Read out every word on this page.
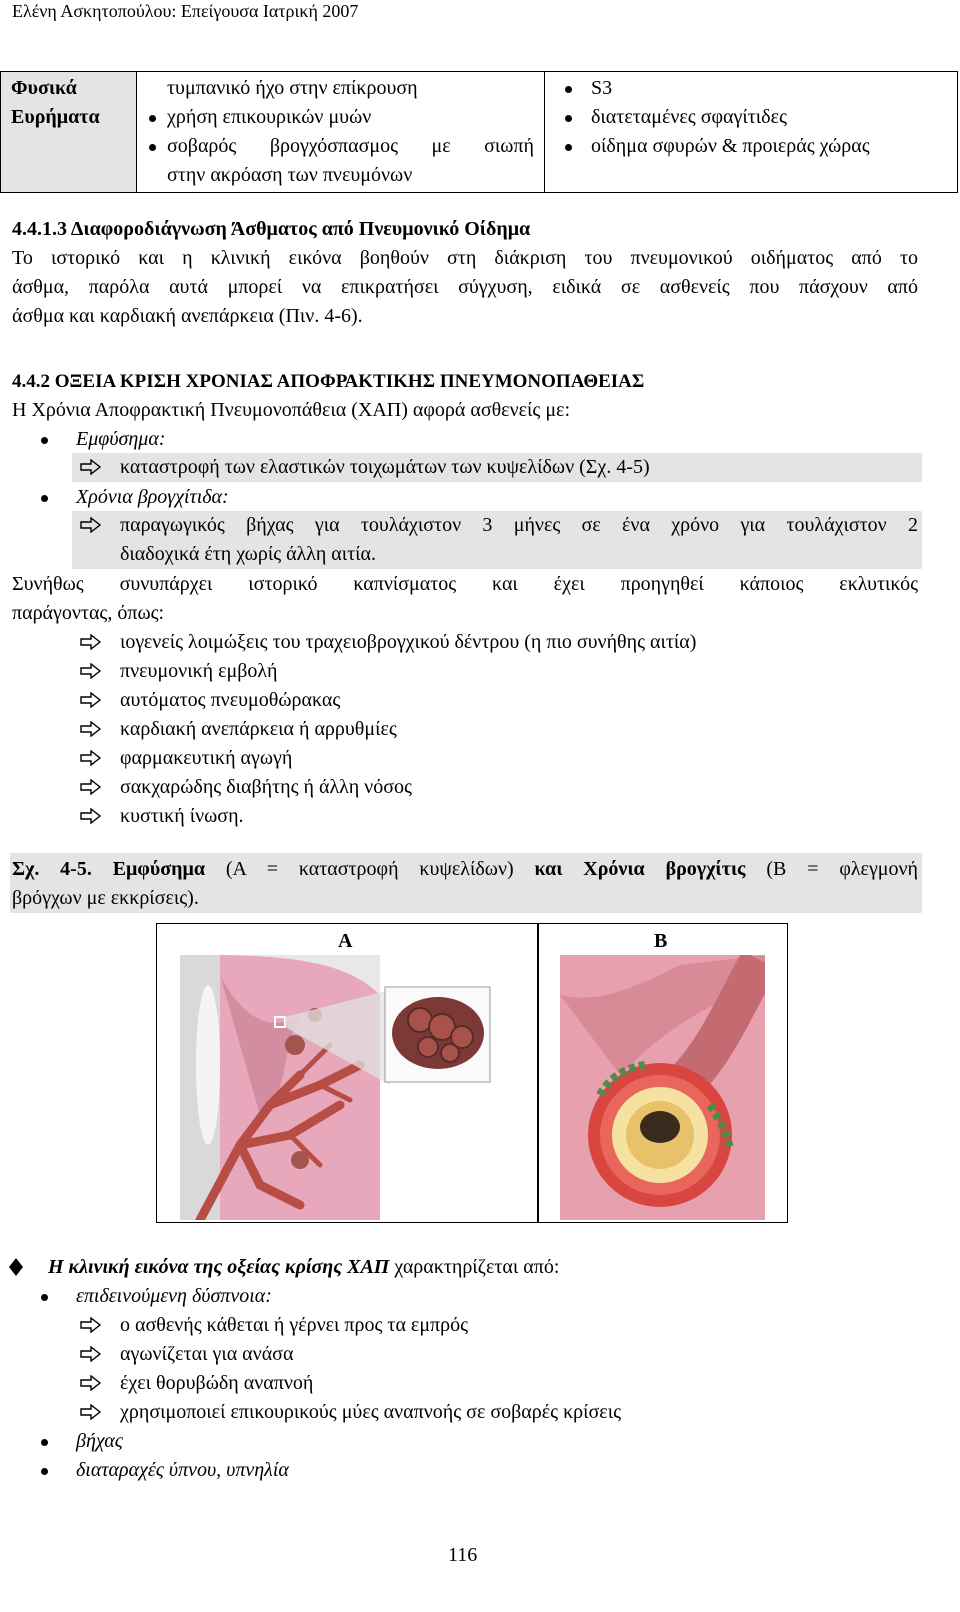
Ελένη Ασκητοπούλου: Επείγουσα Ιατρική 2007
Φυσικά
Ευρήματα

τυμπανικό ήχο στην επίκρουση
χρήση επικουρικών μυών
σοβαρός βρογχόσπασμος με σιωπή
στην ακρόαση των πνευμόνων

S3
διατεταμένες σφαγίτιδες
οίδημα σφυρών & προιεράς χώρας
4.4.1.3 Διαφοροδιάγνωση Άσθματος από Πνευμονικό Οίδημα
Το ιστορικό και η κλινική εικόνα βοηθούν στη διάκριση του πνευμονικού οιδήματος από το
άσθμα, παρόλα αυτά μπορεί να επικρατήσει σύγχυση, ειδικά σε ασθενείς που πάσχουν από
άσθμα και καρδιακή ανεπάρκεια (Πιν. 4-6).
4.4.2 ΟΞΕΙΑ ΚΡΙΣΗ ΧΡΟΝΙΑΣ ΑΠΟΦΡΑΚΤΙΚΗΣ ΠΝΕΥΜΟΝΟΠΑΘΕΙΑΣ
Η Χρόνια Αποφρακτική Πνευμονοπάθεια (ΧΑΠ) αφορά ασθενείς με:
Εμφύσημα:
καταστροφή των ελαστικών τοιχωμάτων των κυψελίδων (Σχ. 4-5)
Χρόνια βρογχίτιδα:
παραγωγικός βήχας για τουλάχιστον 3 μήνες σε ένα χρόνο για τουλάχιστον 2
διαδοχικά έτη χωρίς άλλη αιτία.
Συνήθως συνυπάρχει ιστορικό καπνίσματος και έχει προηγηθεί κάποιος εκλυτικός
παράγοντας, όπως:
ιογενείς λοιμώξεις του τραχειοβρογχικού δέντρου (η πιο συνήθης αιτία)
πνευμονική εμβολή
αυτόματος πνευμοθώρακας
καρδιακή ανεπάρκεια ή αρρυθμίες
φαρμακευτική αγωγή
σακχαρώδης διαβήτης ή άλλη νόσος
κυστική ίνωση.
Σχ. 4-5. Εμφύσημα (Α = καταστροφή κυψελίδων) και Χρόνια βρογχίτις (Β = φλεγμονή
βρόγχων με εκκρίσεις).
A	B
Η κλινική εικόνα της οξείας κρίσης ΧΑΠ χαρακτηρίζεται από:
επιδεινούμενη δύσπνοια:
ο ασθενής κάθεται ή γέρνει προς τα εμπρός
αγωνίζεται για ανάσα
έχει θορυβώδη αναπνοή
χρησιμοποιεί επικουρικούς μύες αναπνοής σε σοβαρές κρίσεις
βήχας
διαταραχές ύπνου, υπνηλία
116
